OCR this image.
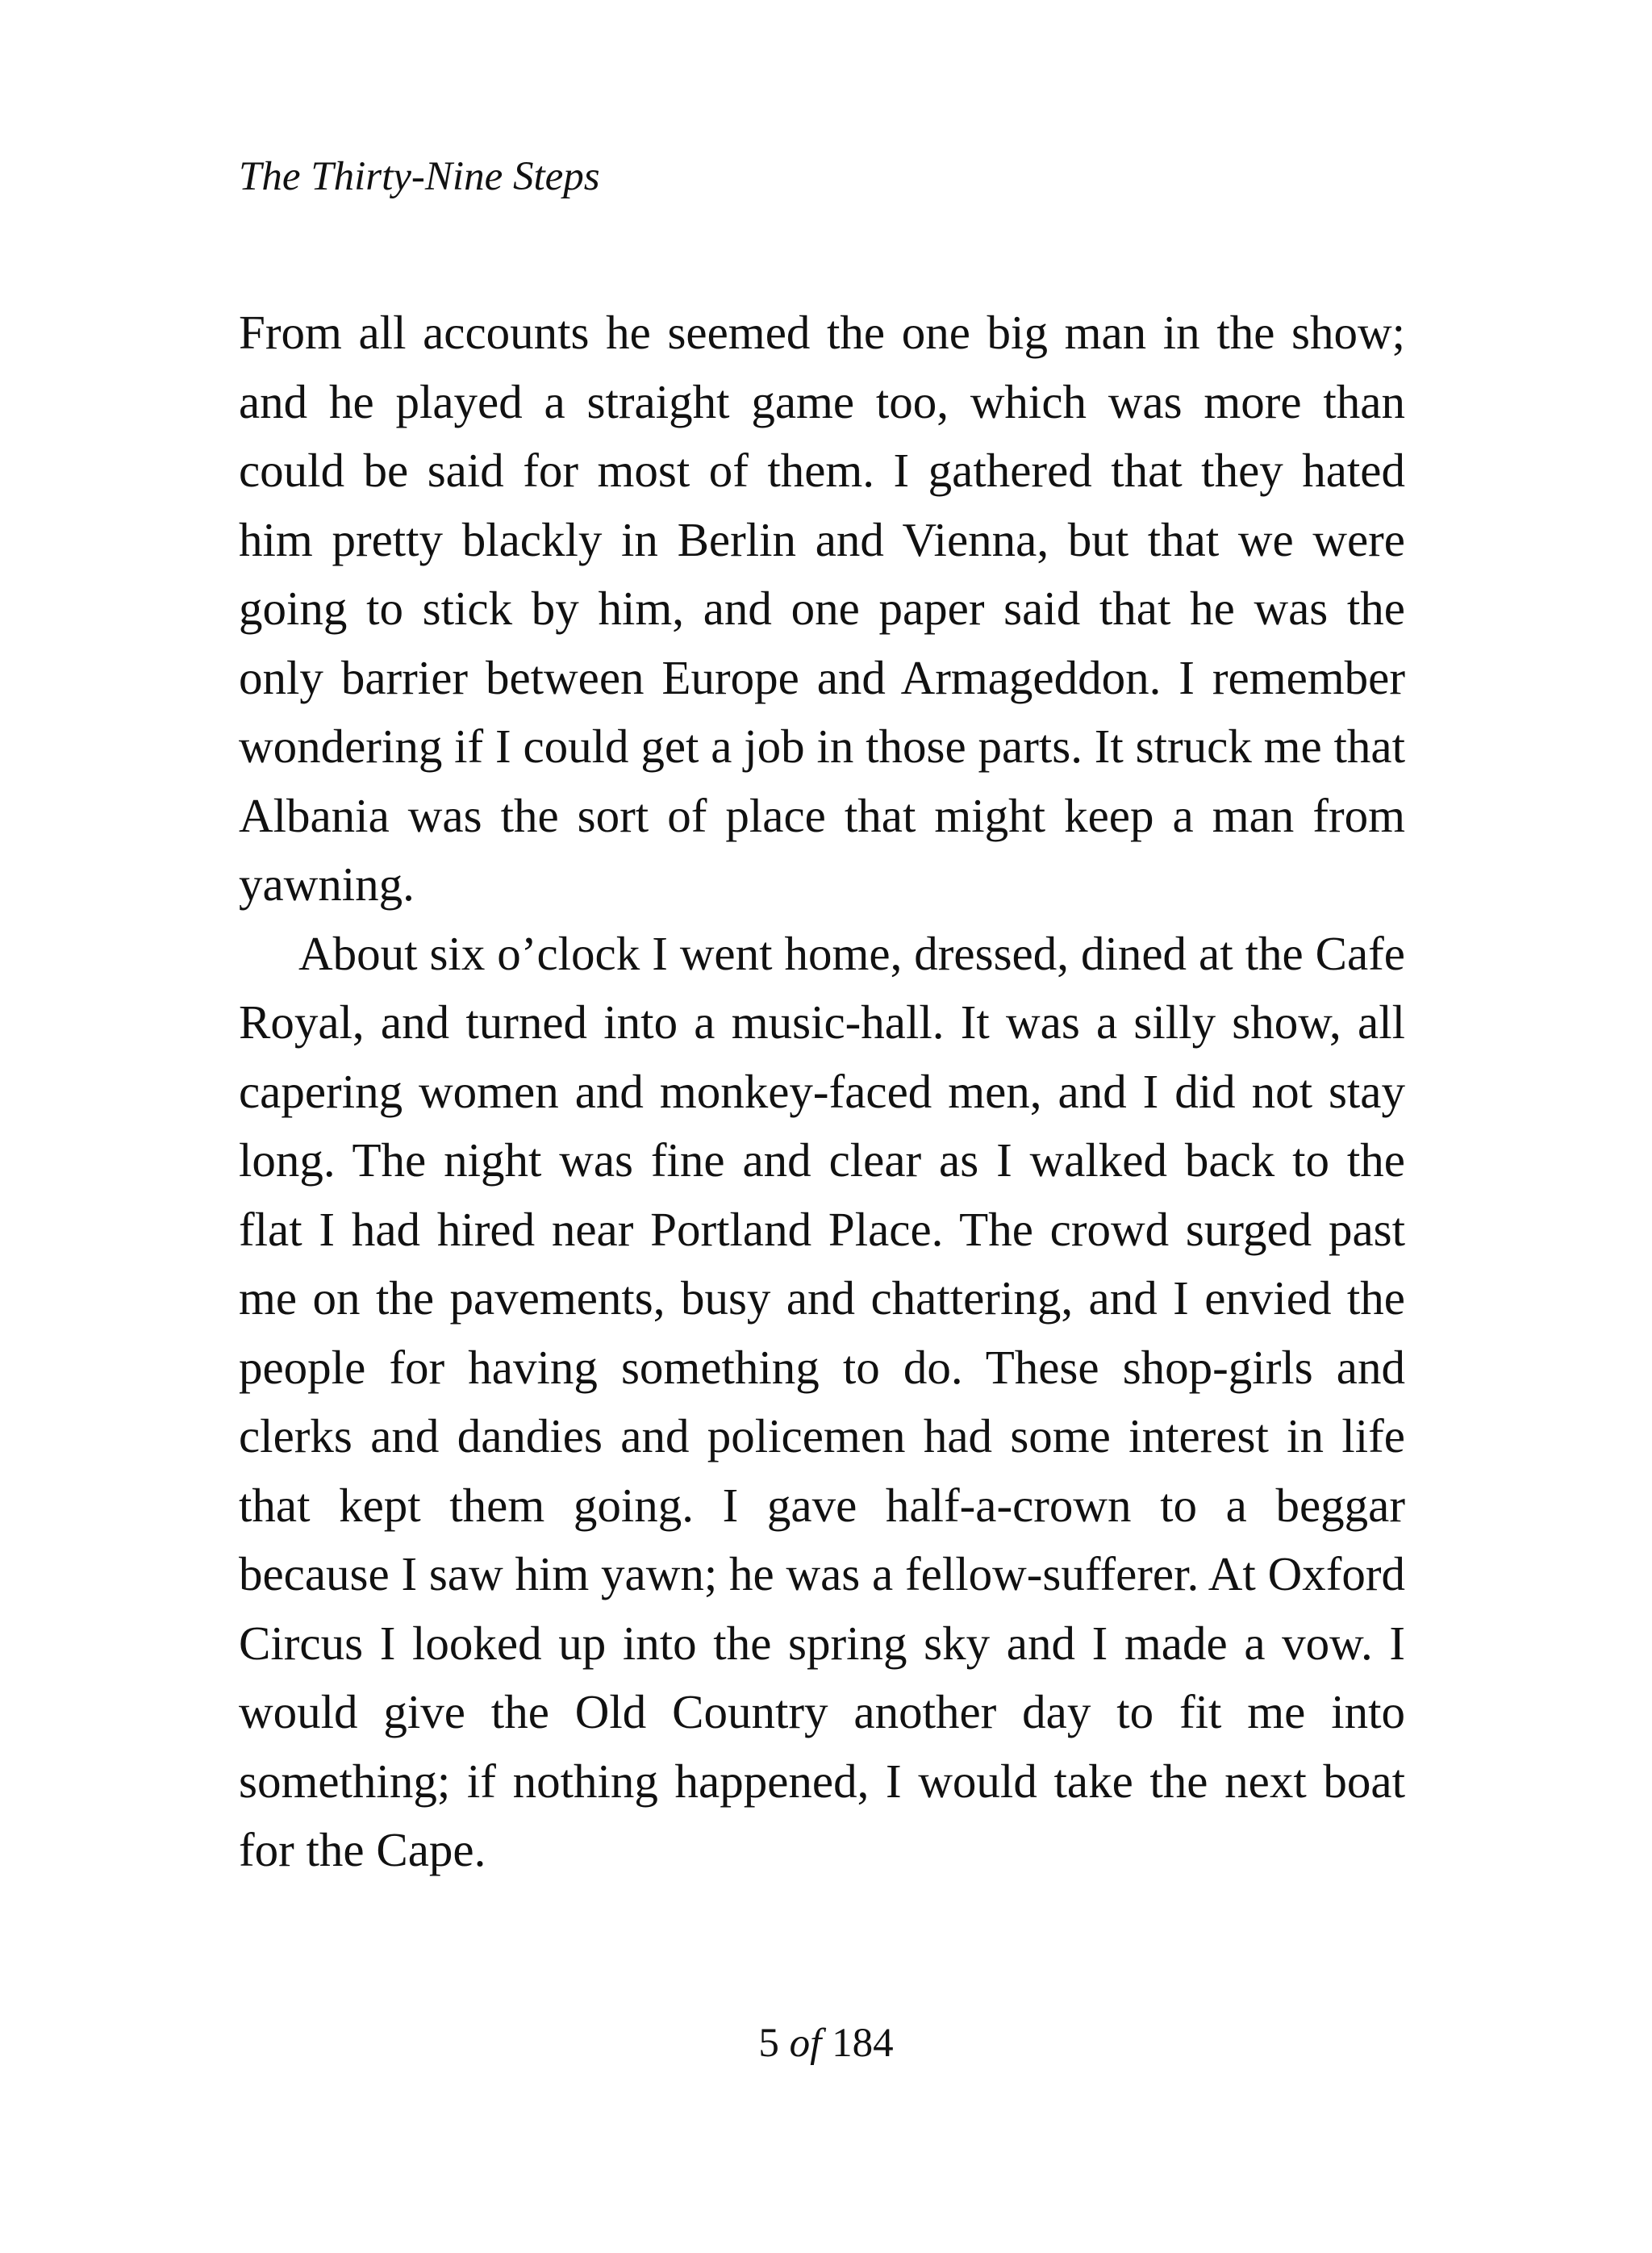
The Thirty-Nine Steps

From all accounts he seemed the one big man in the show; and he played a straight game too, which was more than could be said for most of them. I gathered that they hated him pretty blackly in Berlin and Vienna, but that we were going to stick by him, and one paper said that he was the only barrier between Europe and Armageddon. I remember wondering if I could get a job in those parts. It struck me that Albania was the sort of place that might keep a man from yawning.

About six o’clock I went home, dressed, dined at the Cafe Royal, and turned into a music-hall. It was a silly show, all capering women and monkey-faced men, and I did not stay long. The night was fine and clear as I walked back to the flat I had hired near Portland Place. The crowd surged past me on the pavements, busy and chattering, and I envied the people for having something to do. These shop-girls and clerks and dandies and policemen had some interest in life that kept them going. I gave half-a-crown to a beggar because I saw him yawn; he was a fellow-sufferer. At Oxford Circus I looked up into the spring sky and I made a vow. I would give the Old Country another day to fit me into something; if nothing happened, I would take the next boat for the Cape.

5 of 184
